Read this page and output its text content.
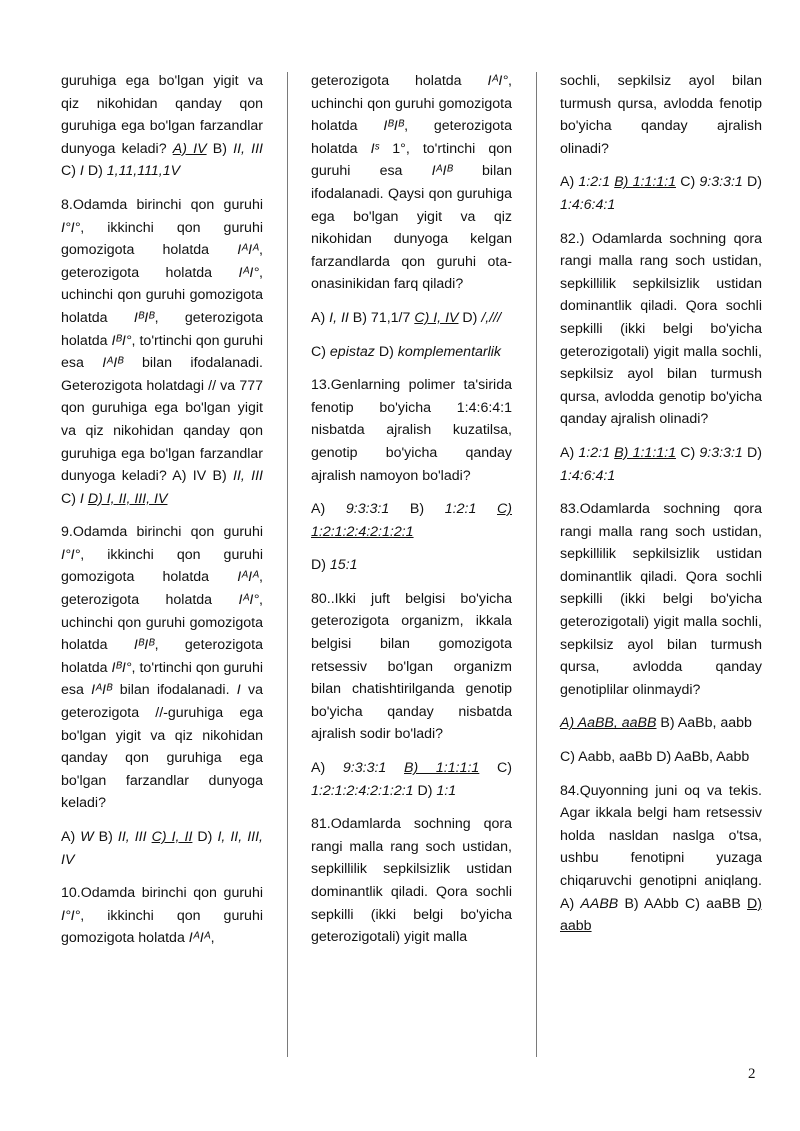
guruhiga ega bo'lgan yigit va qiz nikohidan qanday qon guruhiga ega bo'lgan farzandlar dunyoga keladi? A) IV B) II, III C) I D) 1,11,111,1V

8.Odamda birinchi qon guruhi I°I°, ikkinchi qon guruhi gomozigota holatda IᴬIᴬ, geterozigota holatda IᴬI°, uchinchi qon guruhi gomozigota holatda IᴮIᴮ, geterozigota holatda IᴮI°, to'rtinchi qon guruhi esa IᴬIᴮ bilan ifodalanadi. Geterozigota holatdagi // va 777 qon guruhiga ega bo'lgan yigit va qiz nikohidan qanday qon guruhiga ega bo'lgan farzandlar dunyoga keladi? A) IV B) II, III C) I D) I, II, III, IV

9.Odamda birinchi qon guruhi I°I°, ikkinchi qon guruhi gomozigota holatda IᴬIᴬ, geterozigota holatda IᴬI°, uchinchi qon guruhi gomozigota holatda IᴮIᴮ, geterozigota holatda IᴮI°, to'rtinchi qon guruhi esa IᴬIᴮ bilan ifodalanadi. I va geterozigota //-guruhiga ega bo'lgan yigit va qiz nikohidan qanday qon guruhiga ega bo'lgan farzandlar dunyoga keladi?

A) W B) II, III C) I, II D) I, II, III, IV

10.Odamda birinchi qon guruhi I°I°, ikkinchi qon guruhi gomozigota holatda IᴬIᴬ,

geterozigota holatda IᴬI°, uchinchi qon guruhi gomozigota holatda IᴮIᴮ, geterozigota holatda Iˢ 1°, to'rtinchi qon guruhi esa IᴬIᴮ bilan ifodalanadi. Qaysi qon guruhiga ega bo'lgan yigit va qiz nikohidan dunyoga kelgan farzandlarda qon guruhi ota-onasinikidan farq qiladi?

A) I, II B) 71,1/7 C) I, IV D) /,///

C) epistaz D) komplementarlik

13.Genlarning polimer ta'sirida fenotip bo'yicha 1:4:6:4:1 nisbatda ajralish kuzatilsa, genotip bo'yicha qanday ajralish namoyon bo'ladi?

A) 9:3:3:1 B) 1:2:1 C) 1:2:1:2:4:2:1:2:1

D) 15:1

80..Ikki juft belgisi bo'yicha geterozigota organizm, ikkala belgisi bilan gomozigota retsessiv bo'lgan organizm bilan chatishtirilganda genotip bo'yicha qanday nisbatda ajralish sodir bo'ladi?

A) 9:3:3:1 B) 1:1:1:1 C) 1:2:1:2:4:2:1:2:1 D) 1:1

81.Odamlarda sochning qora rangi malla rang soch ustidan, sepkillilik sepkilsizlik ustidan dominantlik qiladi. Qora sochli sepkilli (ikki belgi bo'yicha geterozigotali) yigit malla

sochli, sepkilsiz ayol bilan turmush qursa, avlodda fenotip bo'yicha qanday ajralish olinadi?

A) 1:2:1 B) 1:1:1:1 C) 9:3:3:1 D) 1:4:6:4:1

82.) Odamlarda sochning qora rangi malla rang soch ustidan, sepkillilik sepkilsizlik ustidan dominantlik qiladi. Qora sochli sepkilli (ikki belgi bo'yicha geterozigotali) yigit malla sochli, sepkilsiz ayol bilan turmush qursa, avlodda genotip bo'yicha qanday ajralish olinadi?

A) 1:2:1 B) 1:1:1:1 C) 9:3:3:1 D) 1:4:6:4:1

83.Odamlarda sochning qora rangi malla rang soch ustidan, sepkillilik sepkilsizlik ustidan dominantlik qiladi. Qora sochli sepkilli (ikki belgi bo'yicha geterozigotali) yigit malla sochli, sepkilsiz ayol bilan turmush qursa, avlodda qanday genotiplilar olinmaydi?

A) AaBB, aaBB B) AaBb, aabb

C) Aabb, aaBb D) AaBb, Aabb

84.Quyonning juni oq va tekis. Agar ikkala belgi ham retsessiv holda nasldan naslga o'tsa, ushbu fenotipni yuzaga chiqaruvchi genotipni aniqlang. A) AABB B) AAbb C) aaBB D) aabb

2
